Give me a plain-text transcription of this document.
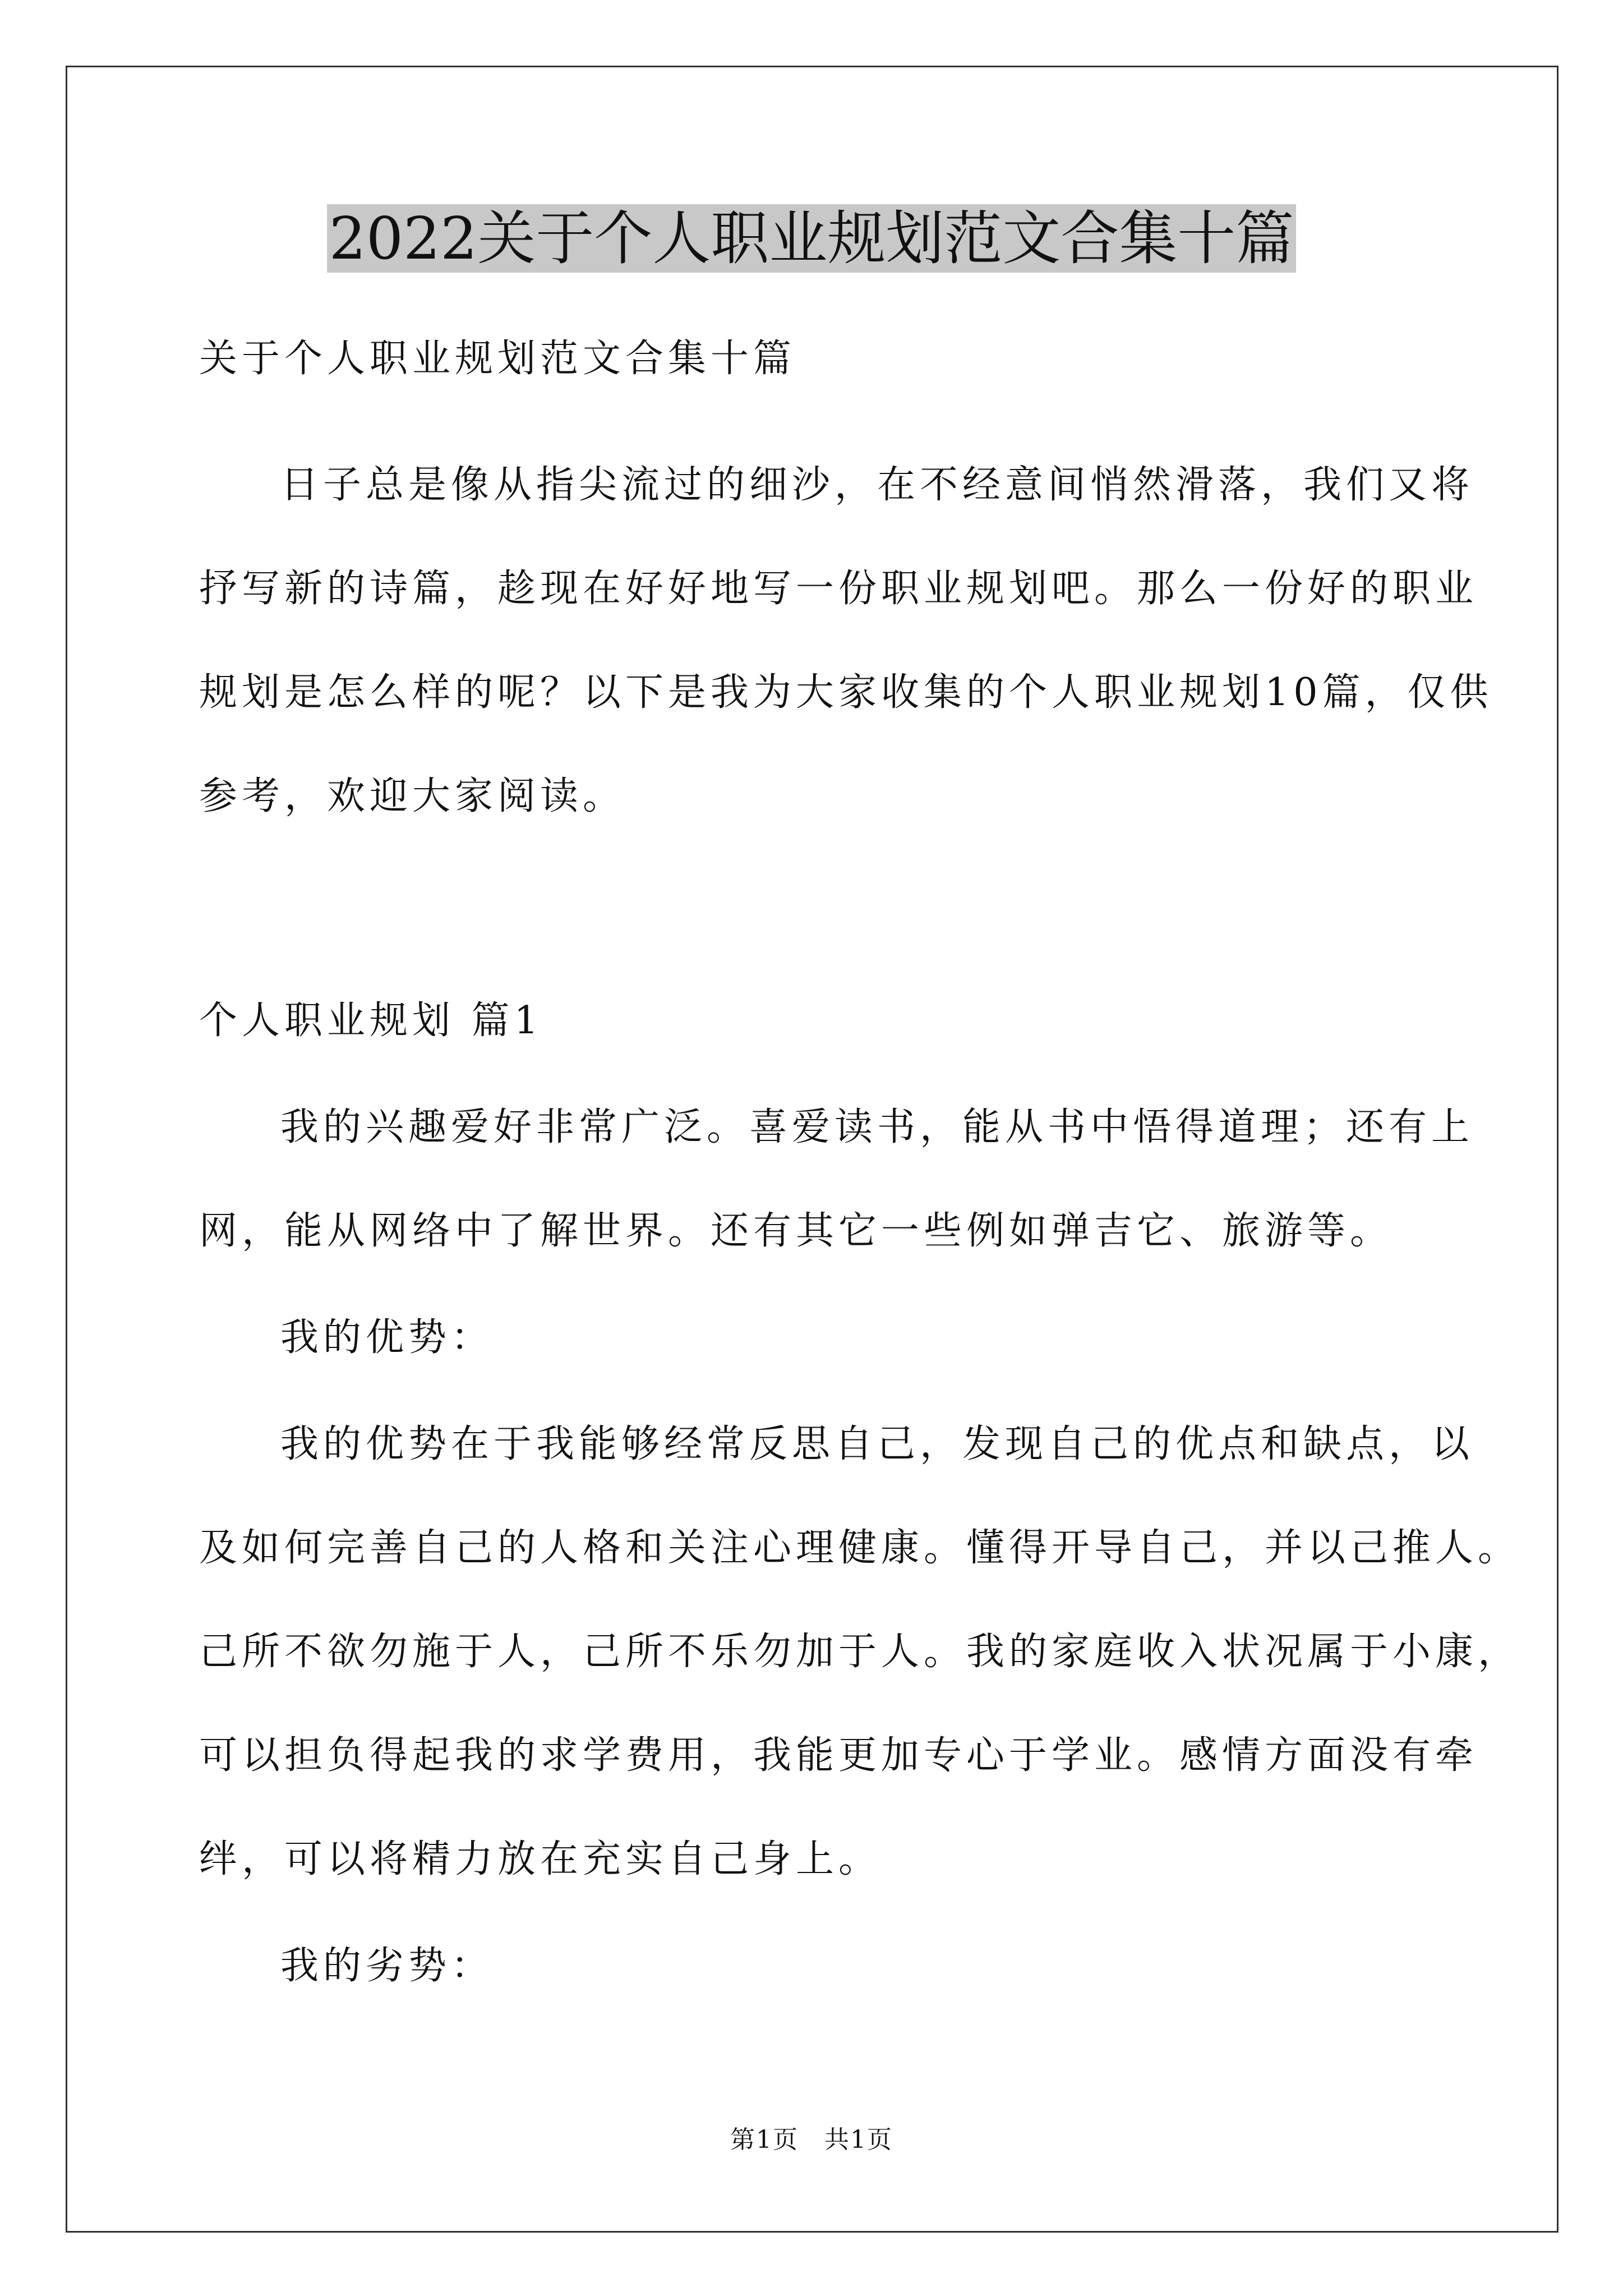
2022关于个人职业规划范文合集十篇
关于个人职业规划范文合集十篇
日子总是像从指尖流过的细沙，在不经意间悄然滑落，我们又将
抒写新的诗篇，趁现在好好地写一份职业规划吧。那么一份好的职业
规划是怎么样的呢？以下是我为大家收集的个人职业规划10篇，仅供
参考，欢迎大家阅读。
个人职业规划 篇1
我的兴趣爱好非常广泛。喜爱读书，能从书中悟得道理；还有上
网，能从网络中了解世界。还有其它一些例如弹吉它、旅游等。
我的优势：
我的优势在于我能够经常反思自己，发现自己的优点和缺点，以
及如何完善自己的人格和关注心理健康。懂得开导自己，并以己推人。
己所不欲勿施于人，己所不乐勿加于人。我的家庭收入状况属于小康，
可以担负得起我的求学费用，我能更加专心于学业。感情方面没有牵
绊，可以将精力放在充实自己身上。
我的劣势：
第1页　共1页
